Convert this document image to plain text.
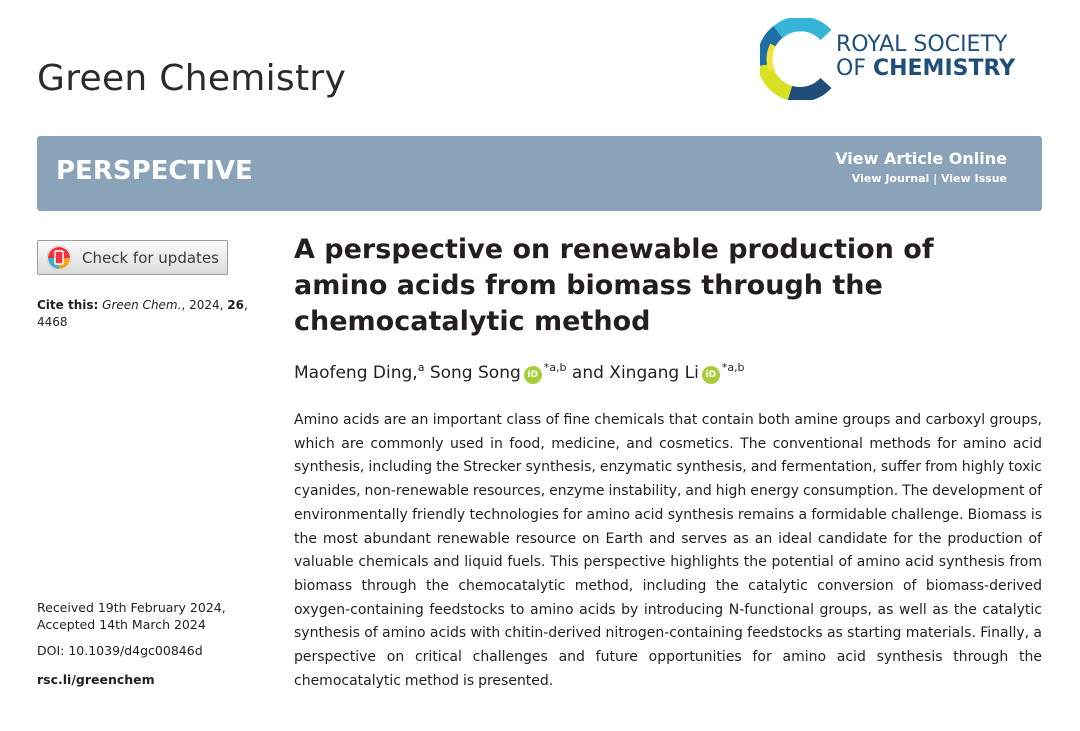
Green Chemistry
ROYAL SOCIETY
OF CHEMISTRY
PERSPECTIVE	View Article Online
View Journal | View Issue
Check for updates
Cite this: Green Chem., 2024, 26, 4468
A perspective on renewable production of amino acids from biomass through the chemocatalytic method
Maofeng Ding,$^a$ Song Song iD$^{*a,b}$ and Xingang Li iD$^{*a,b}$

Amino acids are an important class of fine chemicals that contain both amine groups and carboxyl groups, which are commonly used in food, medicine, and cosmetics. The conventional methods for amino acid synthesis, including the Strecker synthesis, enzymatic synthesis, and fermentation, suffer from highly toxic cyanides, non-renewable resources, enzyme instability, and high energy consumption. The development of environmentally friendly technologies for amino acid synthesis remains a formidable challenge. Biomass is the most abundant renewable resource on Earth and serves as an ideal candidate for the production of valuable chemicals and liquid fuels. This perspective highlights the potential of amino acid synthesis from biomass through the chemocatalytic method, including the catalytic conversion of biomass-derived oxygen-containing feedstocks to amino acids by introducing N-functional groups, as well as the catalytic synthesis of amino acids with chitin-derived nitrogen-containing feedstocks as starting materials. Finally, a perspective on critical challenges and future opportunities for amino acid synthesis through the chemocatalytic method is presented.

Received 19th February 2024,
Accepted 14th March 2024
DOI: 10.1039/d4gc00846d
rsc.li/greenchem
